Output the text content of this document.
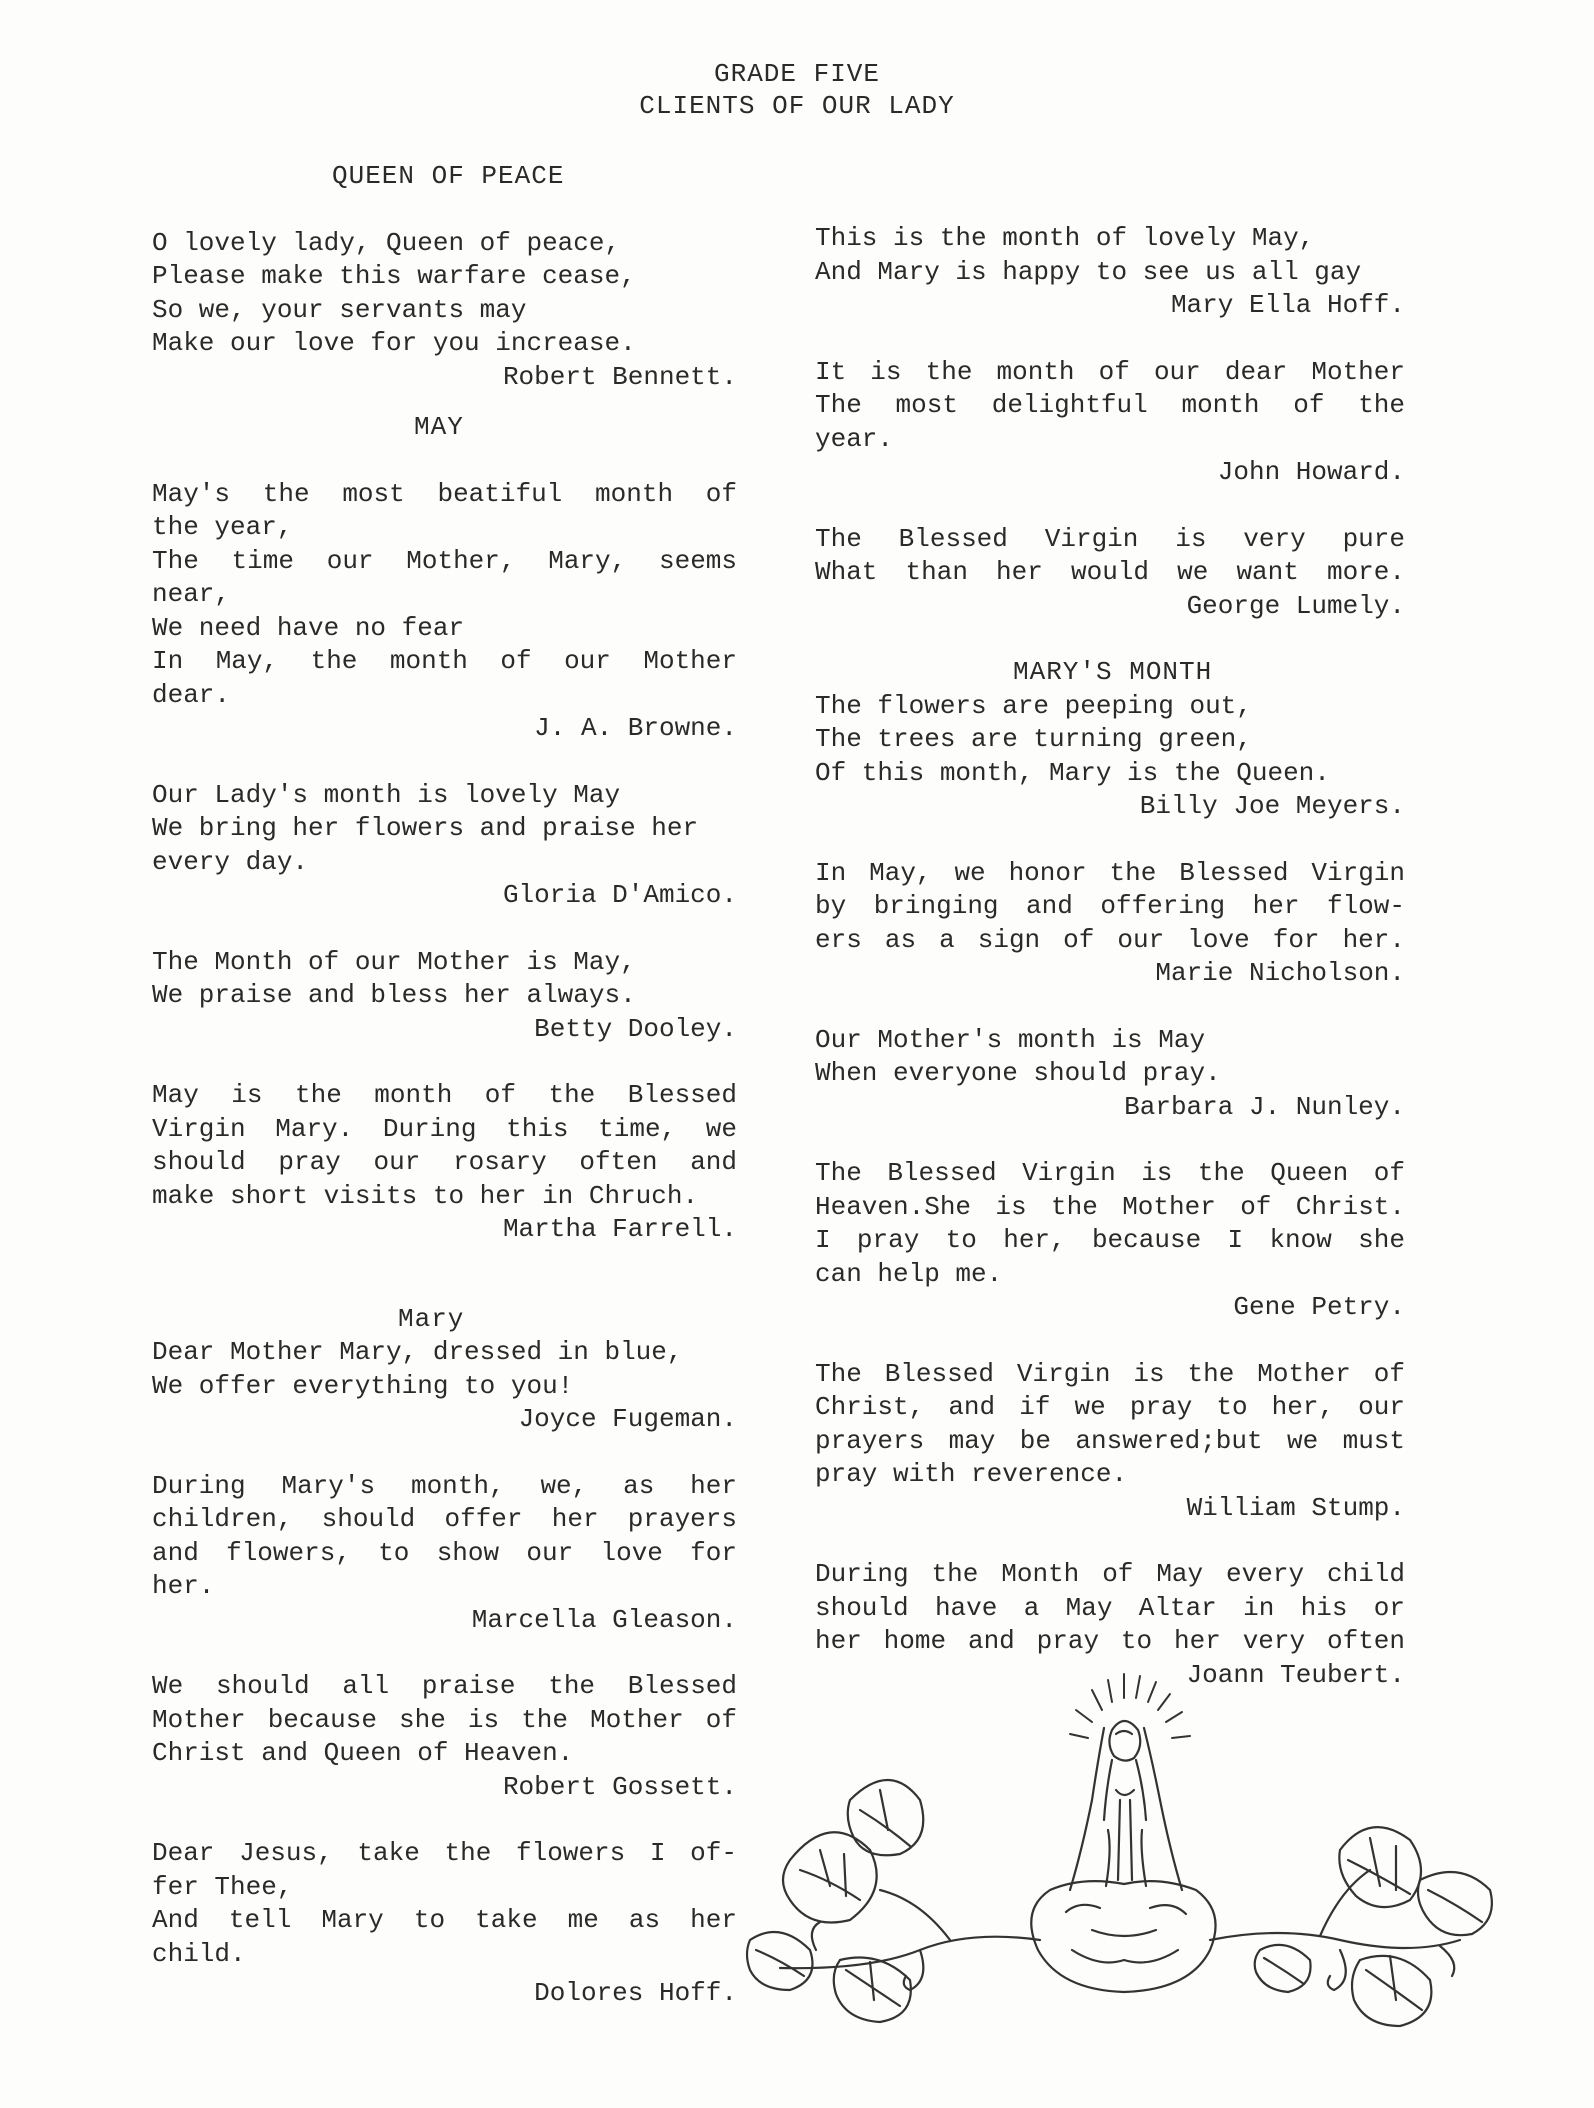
GRADE FIVE
CLIENTS OF OUR LADY
QUEEN OF PEACE
O lovely lady, Queen of peace,
Please make this warfare cease,
So we, your servants may
Make our love for you increase.
Robert Bennett.
MAY
May's the most beatiful month of
the year,
The time our Mother, Mary, seems
near,
We need have no fear
In May, the month of our Mother
dear.
J. A. Browne.
Our Lady's month is lovely May
We bring her flowers and praise her
every day.
Gloria D'Amico.
The Month of our Mother is May,
We praise and bless her always.
Betty Dooley.
May is the month of the Blessed
Virgin Mary. During this time, we
should pray our rosary often and
make short visits to her in Chruch.
Martha Farrell.
Mary
Dear Mother Mary, dressed in blue,
We offer everything to you!
Joyce Fugeman.
During Mary's month, we, as her
children, should offer her prayers
and flowers, to show our love for
her.
Marcella Gleason.
We should all praise the Blessed
Mother because she is the Mother of
Christ and Queen of Heaven.
Robert Gossett.
Dear Jesus, take the flowers I of-
fer Thee,
And tell Mary to take me as her
child.
Dolores Hoff.
This is the month of lovely May,
And Mary is happy to see us all gay
Mary Ella Hoff.
It is the month of our dear Mother
The most delightful month of the
year.
John Howard.
The Blessed Virgin is very pure
What than her would we want more.
George Lumely.
MARY'S MONTH
The flowers are peeping out,
The trees are turning green,
Of this month, Mary is the Queen.
Billy Joe Meyers.
In May, we honor the Blessed Virgin
by bringing and offering her flow-
ers as a sign of our love for her.
Marie Nicholson.
Our Mother's month is May
When everyone should pray.
Barbara J. Nunley.
The Blessed Virgin is the Queen of
Heaven.She is the Mother of Christ.
I pray to her, because I know she
can help me.
Gene Petry.
The Blessed Virgin is the Mother of
Christ, and if we pray to her, our
prayers may be answered;but we must
pray with reverence.
William Stump.
During the Month of May every child
should have a May Altar in his or
her home and pray to her very often
Joann Teubert.
